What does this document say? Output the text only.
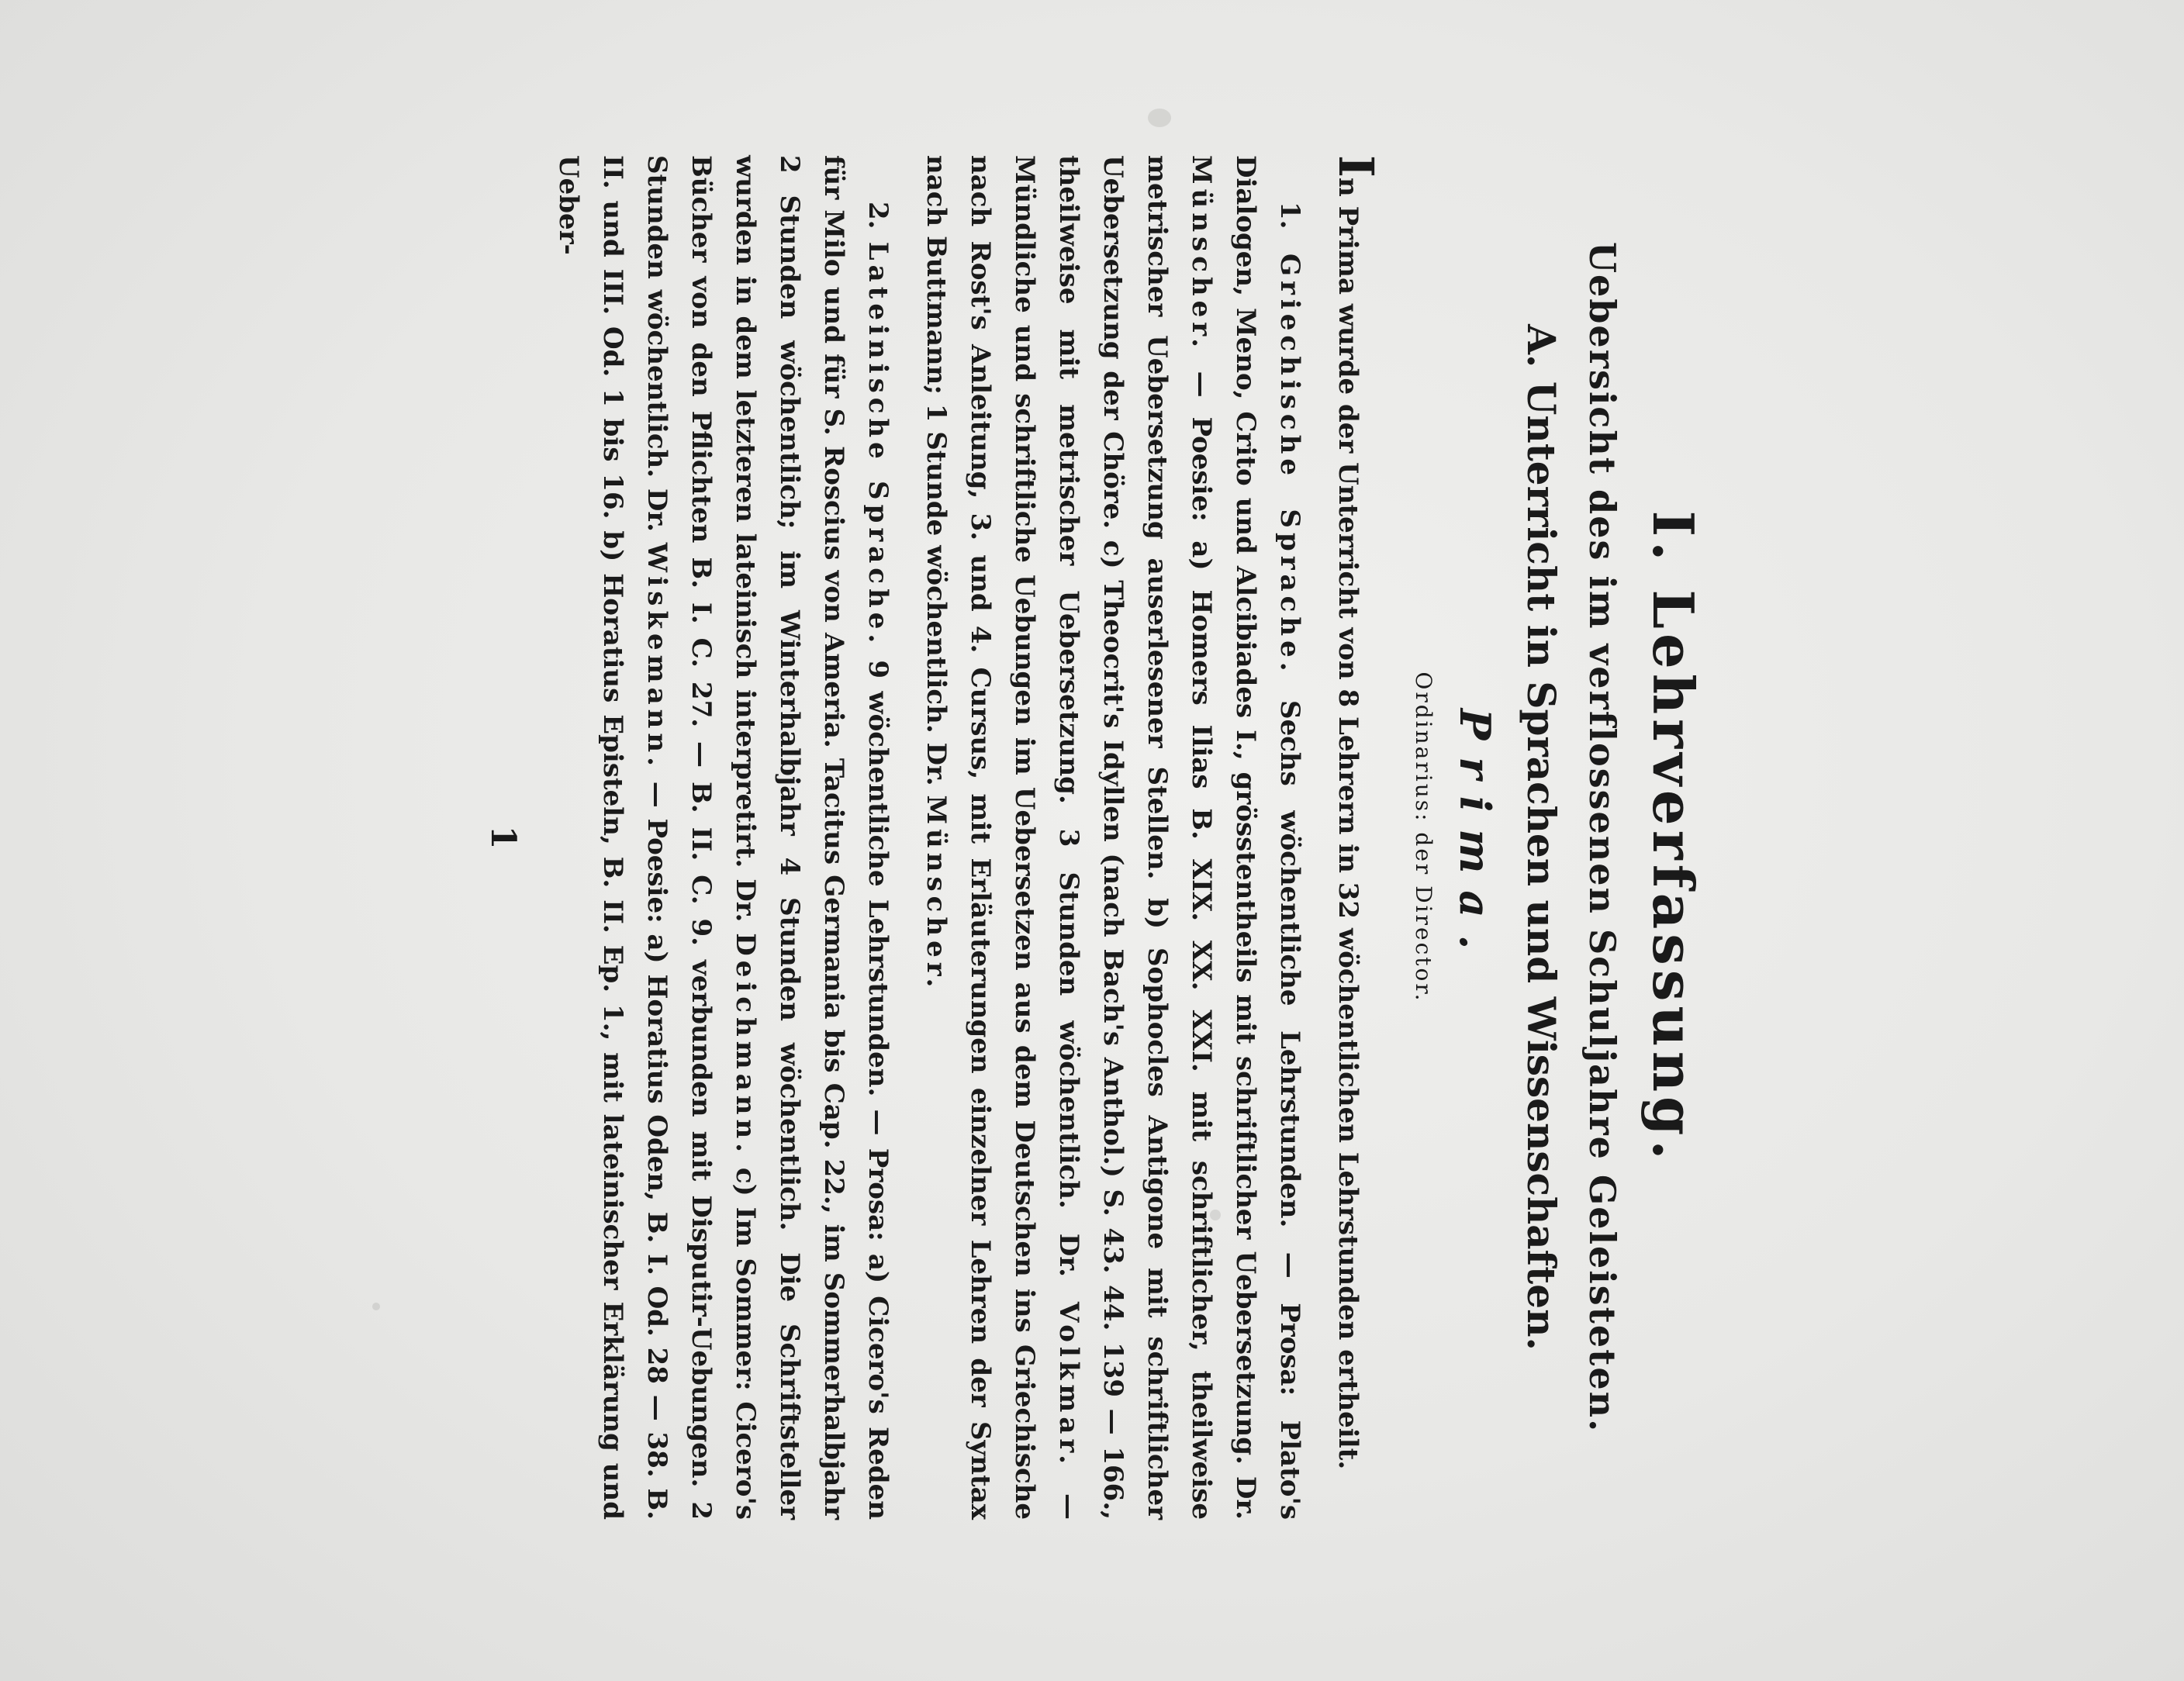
I. Lehrverfassung.
Uebersicht des im verflossenen Schuljahre Geleisteten.
A. Unterricht in Sprachen und Wissenschaften.
Prima.
Ordinarius: der Director.

In Prima wurde der Unterricht von 8 Lehrern in 32 wöchentlichen Lehrstunden ertheilt.

1. Griechische Sprache. Sechs wöchentliche Lehrstunden. — Prosa: Plato's Dialogen, Meno, Crito und Alcibiades I., grösstentheils mit schriftlicher Uebersetzung. Dr. Münscher. — Poesie: a) Homers Ilias B. XIX. XX. XXI. mit schriftlicher, theilweise metrischer Uebersetzung auserlesener Stellen. b) Sophocles Antigone mit schriftlicher Uebersetzung der Chöre. c) Theocrit's Idyllen (nach Bach's Anthol.) S. 43. 44. 139 — 166., theilweise mit metrischer Uebersetzung. 3 Stunden wöchentlich. Dr. Volkmar. — Mündliche und schriftliche Uebungen im Uebersetzen aus dem Deutschen ins Griechische nach Rost's Anleitung, 3. und 4. Cursus, mit Erläuterungen einzelner Lehren der Syntax nach Buttmann; 1 Stunde wöchentlich. Dr. Münscher.

2. Lateinische Sprache. 9 wöchentliche Lehrstunden. — Prosa: a) Cicero's Reden für Milo und für S. Roscius von Ameria. Tacitus Germania bis Cap. 22., im Sommerhalbjahr 2 Stunden wöchentlich; im Winterhalbjahr 4 Stunden wöchentlich. Die Schriftsteller wurden in dem letzteren lateinisch interpretirt. Dr. Deichmann. c) Im Sommer: Cicero's Bücher von den Pflichten B. I. C. 27. — B. II. C. 9. verbunden mit Disputir-Uebungen. 2 Stunden wöchentlich. Dr. Wiskemann. — Poesie: a) Horatius Oden, B. I. Od. 28 — 38. B. II. und III. Od. 1 bis 16. b) Horatius Episteln, B. II. Ep. 1., mit lateinischer Erklärung und Ueber-

1
